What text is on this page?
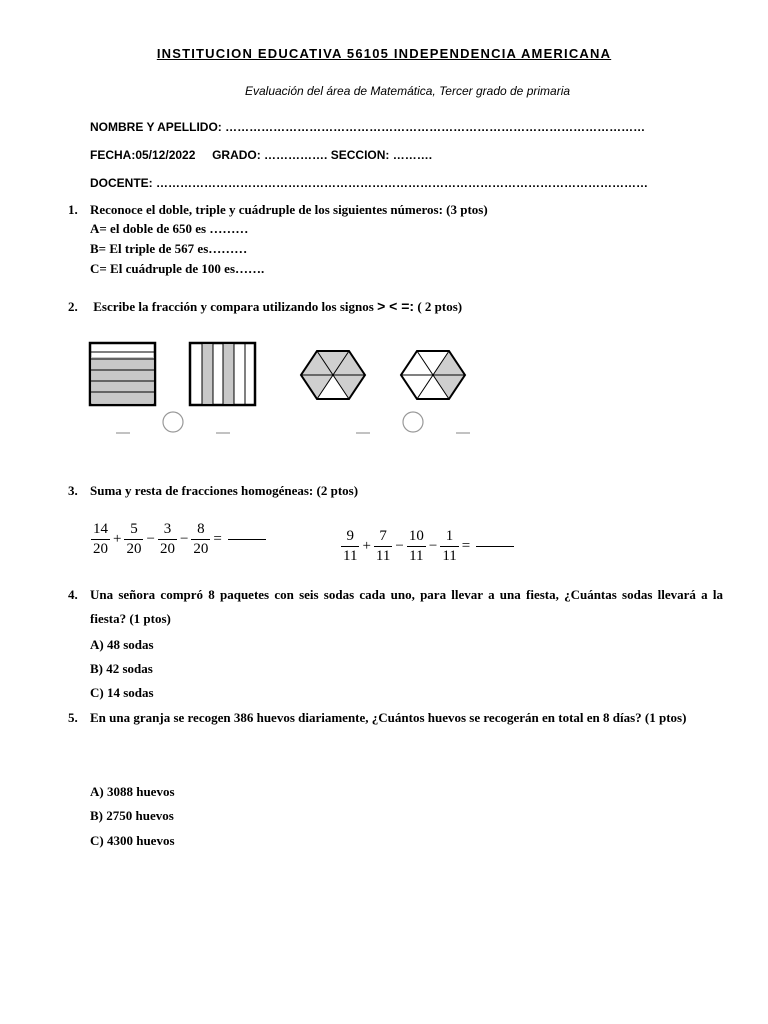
INSTITUCION EDUCATIVA 56105 INDEPENDENCIA AMERICANA
Evaluación del área de Matemática, Tercer grado de primaria
NOMBRE Y APELLIDO: ……………………………………………………………………………………………
FECHA:05/12/2022 GRADO: ……………. SECCION: ……….
DOCENTE: ……………………………………………………………………………………………………………
1. Reconoce el doble, triple y cuádruple de los siguientes números: (3 ptos)
A= el doble de 650 es ………
B= El triple de 567 es………
C= El cuádruple de 100 es…….
2. Escribe la fracción y compara utilizando los signos > < =: ( 2 ptos)
3. Suma y resta de fracciones homogéneas: (2 ptos)
$\frac{14}{20} + \frac{5}{20} - \frac{3}{20} - \frac{8}{20}$ =	$\frac{9}{11} + \frac{7}{11} - \frac{10}{11} - \frac{1}{11}$ =
4. Una señora compró 8 paquetes con seis sodas cada uno, para llevar a una fiesta, ¿Cuántas sodas llevará a la fiesta? (1 ptos)
A) 48 sodas
B) 42 sodas
C) 14 sodas
5. En una granja se recogen 386 huevos diariamente, ¿Cuántos huevos se recogerán en total en 8 días? (1 ptos)
A) 3088 huevos
B) 2750 huevos
C) 4300 huevos
